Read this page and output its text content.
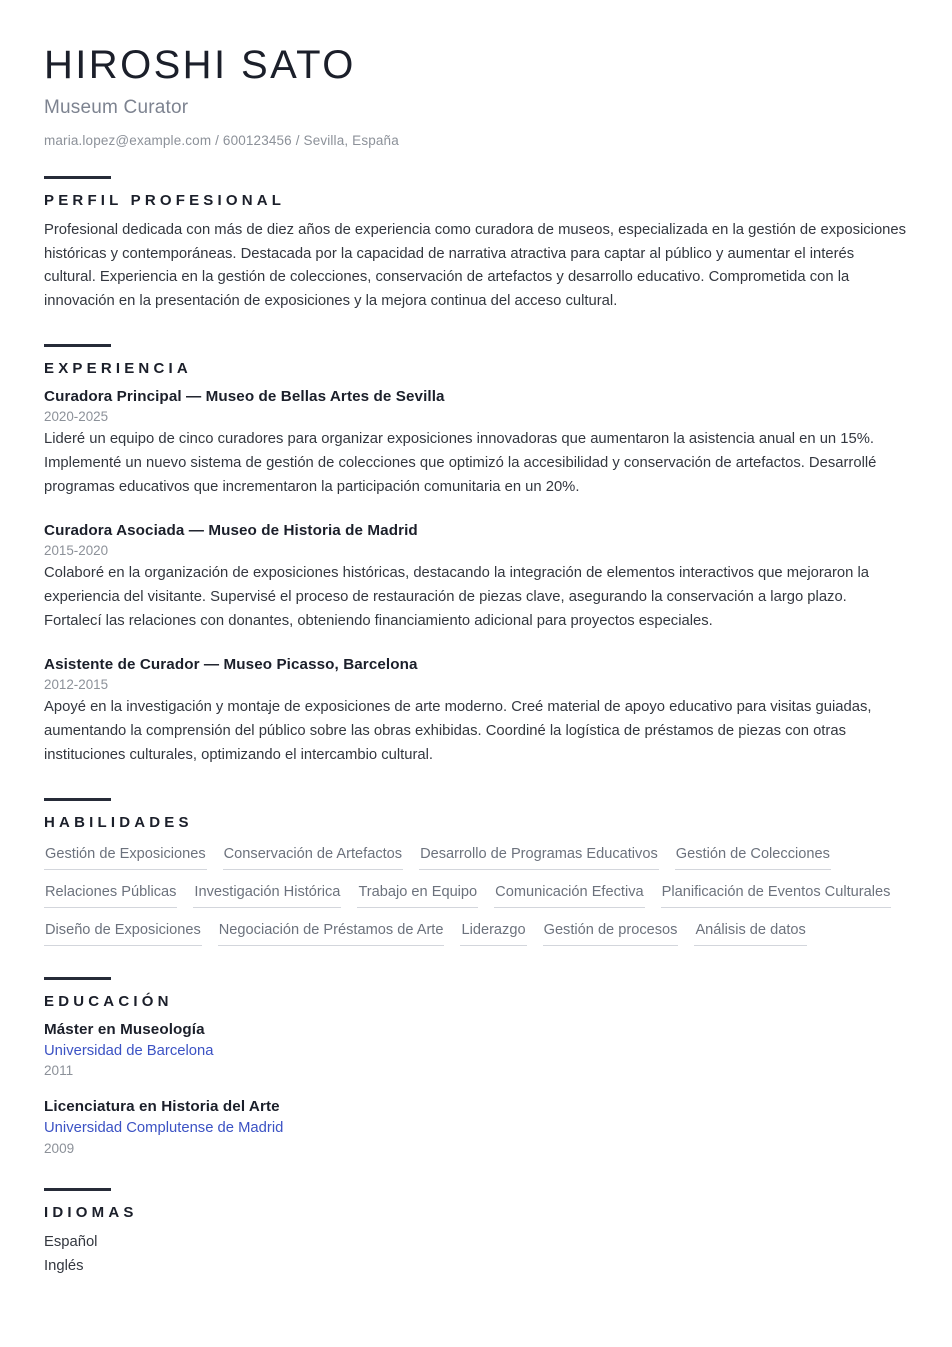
HIROSHI SATO
Museum Curator
maria.lopez@example.com / 600123456 / Sevilla, España
PERFIL PROFESIONAL

Profesional dedicada con más de diez años de experiencia como curadora de museos, especializada en la gestión de exposiciones históricas y contemporáneas. Destacada por la capacidad de narrativa atractiva para captar al público y aumentar el interés cultural. Experiencia en la gestión de colecciones, conservación de artefactos y desarrollo educativo. Comprometida con la innovación en la presentación de exposiciones y la mejora continua del acceso cultural.

EXPERIENCIA
Curadora Principal — Museo de Bellas Artes de Sevilla
2020-2025

Lideré un equipo de cinco curadores para organizar exposiciones innovadoras que aumentaron la asistencia anual en un 15%. Implementé un nuevo sistema de gestión de colecciones que optimizó la accesibilidad y conservación de artefactos. Desarrollé programas educativos que incrementaron la participación comunitaria en un 20%.

Curadora Asociada — Museo de Historia de Madrid
2015-2020

Colaboré en la organización de exposiciones históricas, destacando la integración de elementos interactivos que mejoraron la experiencia del visitante. Supervisé el proceso de restauración de piezas clave, asegurando la conservación a largo plazo. Fortalecí las relaciones con donantes, obteniendo financiamiento adicional para proyectos especiales.

Asistente de Curador — Museo Picasso, Barcelona
2012-2015

Apoyé en la investigación y montaje de exposiciones de arte moderno. Creé material de apoyo educativo para visitas guiadas, aumentando la comprensión del público sobre las obras exhibidas. Coordiné la logística de préstamos de piezas con otras instituciones culturales, optimizando el intercambio cultural.

HABILIDADES
Gestión de Exposiciones Conservación de Artefactos Desarrollo de Programas Educativos Gestión de Colecciones
Relaciones Públicas Investigación Histórica Trabajo en Equipo Comunicación Efectiva Planificación de Eventos Culturales
Diseño de Exposiciones Negociación de Préstamos de Arte Liderazgo Gestión de procesos Análisis de datos
EDUCACIÓN
Máster en Museología
Universidad de Barcelona
2011
Licenciatura en Historia del Arte
Universidad Complutense de Madrid
2009
IDIOMAS
Español
Inglés
